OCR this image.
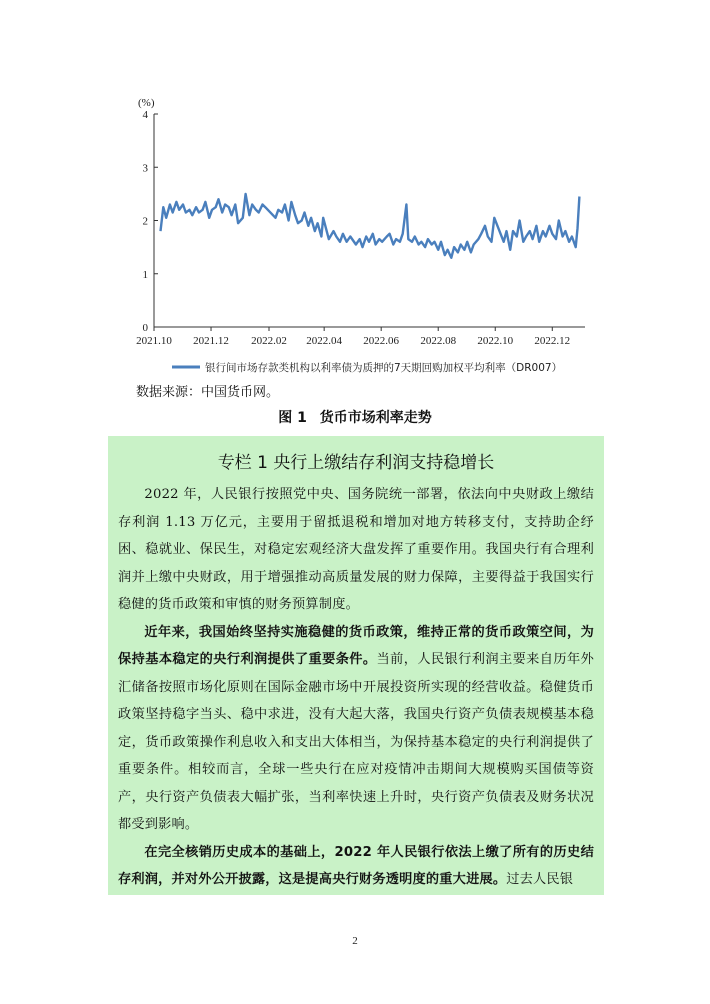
(%)
0
1
2
3
4
2021.10 2021.12 2022.02 2022.04 2022.06 2022.08 2022.10 2022.12
银行间市场存款类机构以利率债为质押的7天期回购加权平均利率（DR007）
数据来源：中国货币网。
图 1 货币市场利率走势
专栏 1 央行上缴结存利润支持稳增长

2022 年，人民银行按照党中央、国务院统一部署，依法向中央财政上缴结存利润 1.13 万亿元，主要用于留抵退税和增加对地方转移支付，支持助企纾困、稳就业、保民生，对稳定宏观经济大盘发挥了重要作用。我国央行有合理利润并上缴中央财政，用于增强推动高质量发展的财力保障，主要得益于我国实行稳健的货币政策和审慎的财务预算制度。

近年来，我国始终坚持实施稳健的货币政策，维持正常的货币政策空间，为保持基本稳定的央行利润提供了重要条件。当前，人民银行利润主要来自历年外汇储备按照市场化原则在国际金融市场中开展投资所实现的经营收益。稳健货币政策坚持稳字当头、稳中求进，没有大起大落，我国央行资产负债表规模基本稳定，货币政策操作利息收入和支出大体相当，为保持基本稳定的央行利润提供了重要条件。相较而言，全球一些央行在应对疫情冲击期间大规模购买国债等资产，央行资产负债表大幅扩张，当利率快速上升时，央行资产负债表及财务状况都受到影响。

在完全核销历史成本的基础上，2022 年人民银行依法上缴了所有的历史结存利润，并对外公开披露，这是提高央行财务透明度的重大进展。过去人民银

2
